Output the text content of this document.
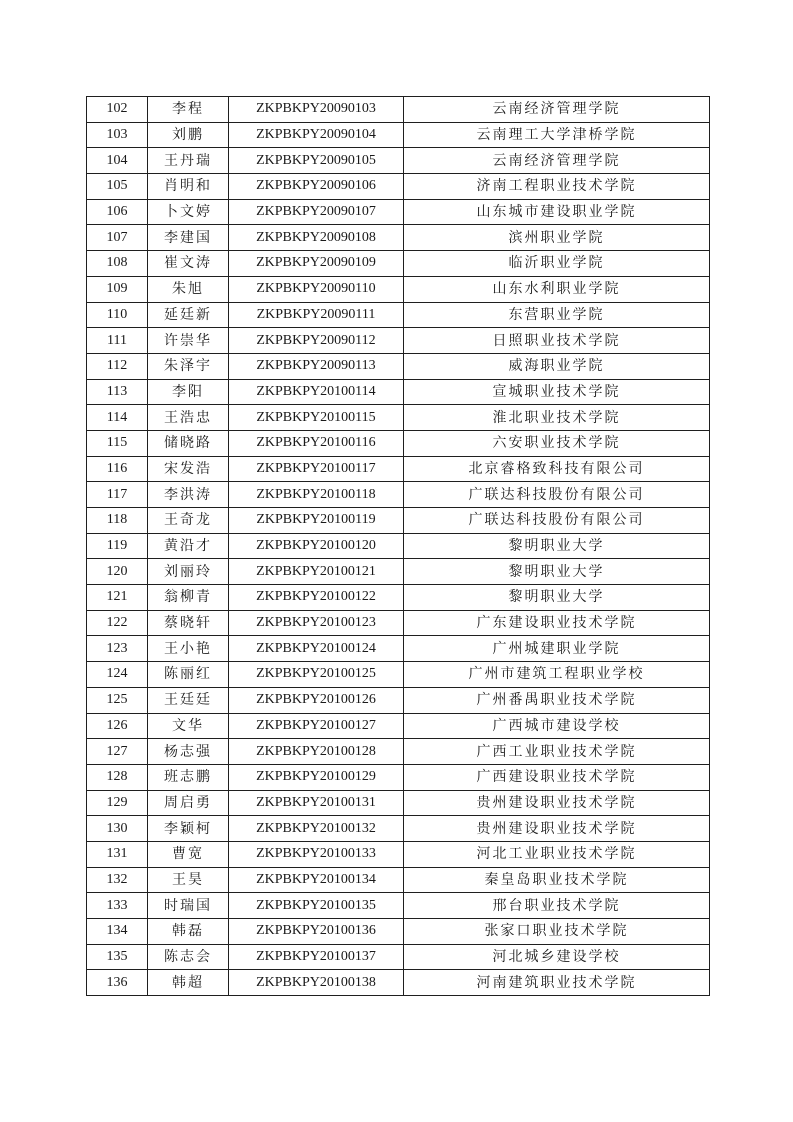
102	李程	ZKPBKPY20090103	云南经济管理学院
103	刘鹏	ZKPBKPY20090104	云南理工大学津桥学院
104	王丹瑞	ZKPBKPY20090105	云南经济管理学院
105	肖明和	ZKPBKPY20090106	济南工程职业技术学院
106	卜文婷	ZKPBKPY20090107	山东城市建设职业学院
107	李建国	ZKPBKPY20090108	滨州职业学院
108	崔文涛	ZKPBKPY20090109	临沂职业学院
109	朱旭	ZKPBKPY20090110	山东水利职业学院
110	延廷新	ZKPBKPY20090111	东营职业学院
111	许崇华	ZKPBKPY20090112	日照职业技术学院
112	朱泽宇	ZKPBKPY20090113	威海职业学院
113	李阳	ZKPBKPY20100114	宣城职业技术学院
114	王浩忠	ZKPBKPY20100115	淮北职业技术学院
115	储晓路	ZKPBKPY20100116	六安职业技术学院
116	宋发浩	ZKPBKPY20100117	北京睿格致科技有限公司
117	李洪涛	ZKPBKPY20100118	广联达科技股份有限公司
118	王奇龙	ZKPBKPY20100119	广联达科技股份有限公司
119	黄沿才	ZKPBKPY20100120	黎明职业大学
120	刘丽玲	ZKPBKPY20100121	黎明职业大学
121	翁柳青	ZKPBKPY20100122	黎明职业大学
122	蔡晓轩	ZKPBKPY20100123	广东建设职业技术学院
123	王小艳	ZKPBKPY20100124	广州城建职业学院
124	陈丽红	ZKPBKPY20100125	广州市建筑工程职业学校
125	王廷廷	ZKPBKPY20100126	广州番禺职业技术学院
126	文华	ZKPBKPY20100127	广西城市建设学校
127	杨志强	ZKPBKPY20100128	广西工业职业技术学院
128	班志鹏	ZKPBKPY20100129	广西建设职业技术学院
129	周启勇	ZKPBKPY20100131	贵州建设职业技术学院
130	李颖柯	ZKPBKPY20100132	贵州建设职业技术学院
131	曹宽	ZKPBKPY20100133	河北工业职业技术学院
132	王昊	ZKPBKPY20100134	秦皇岛职业技术学院
133	时瑞国	ZKPBKPY20100135	邢台职业技术学院
134	韩磊	ZKPBKPY20100136	张家口职业技术学院
135	陈志会	ZKPBKPY20100137	河北城乡建设学校
136	韩超	ZKPBKPY20100138	河南建筑职业技术学院
